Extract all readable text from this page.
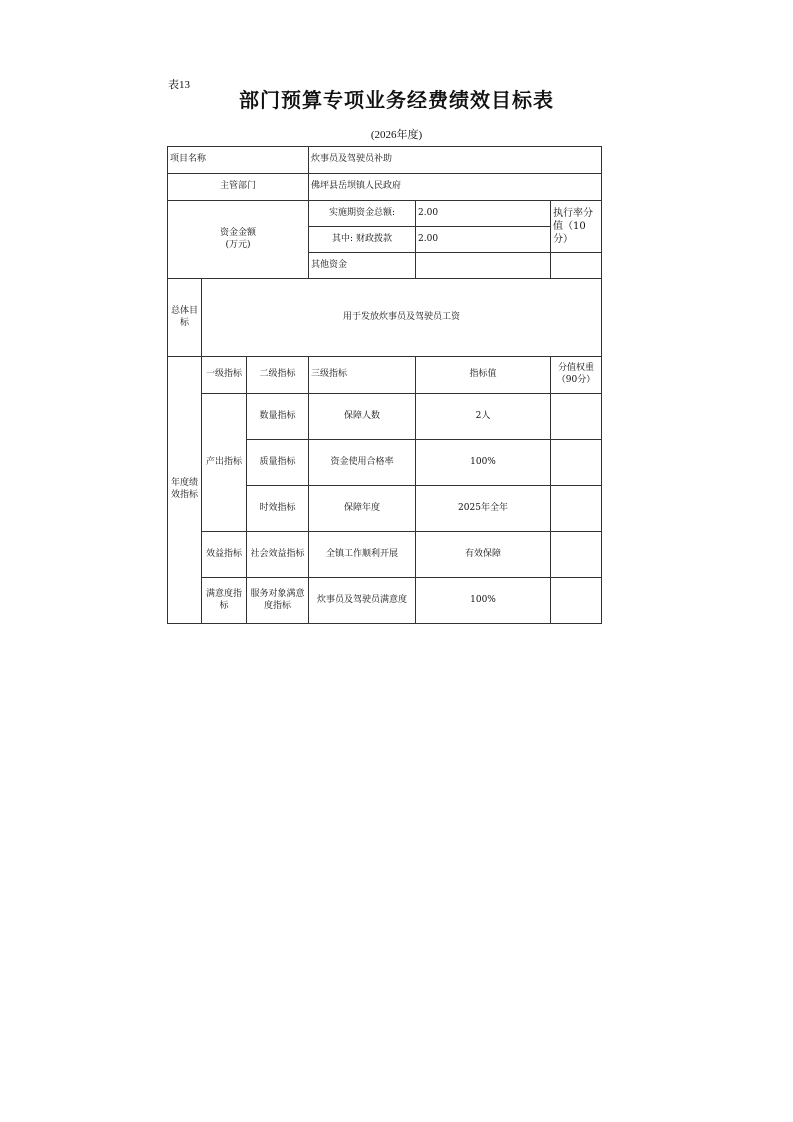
表13
部门预算专项业务经费绩效目标表
(2026年度)
项目名称			炊事员及驾驶员补助		
主管部门			佛坪县岳坝镇人民政府		
资金金额
(万元)			实施期资金总额:	2.00	执行率分值（10分）
			其中: 财政拨款	2.00	
			其他资金		
总体目标	用于发放炊事员及驾驶员工资				
年度绩效指标	一级指标	二级指标	三级指标	指标值	分值权重（90分）
	产出指标	数量指标	保障人数	2人	
		质量指标	资金使用合格率	100%	
		时效指标	保障年度	2025年全年	
	效益指标	社会效益指标	全镇工作顺利开展	有效保障	
	满意度指标	服务对象满意度指标	炊事员及驾驶员满意度	100%	
